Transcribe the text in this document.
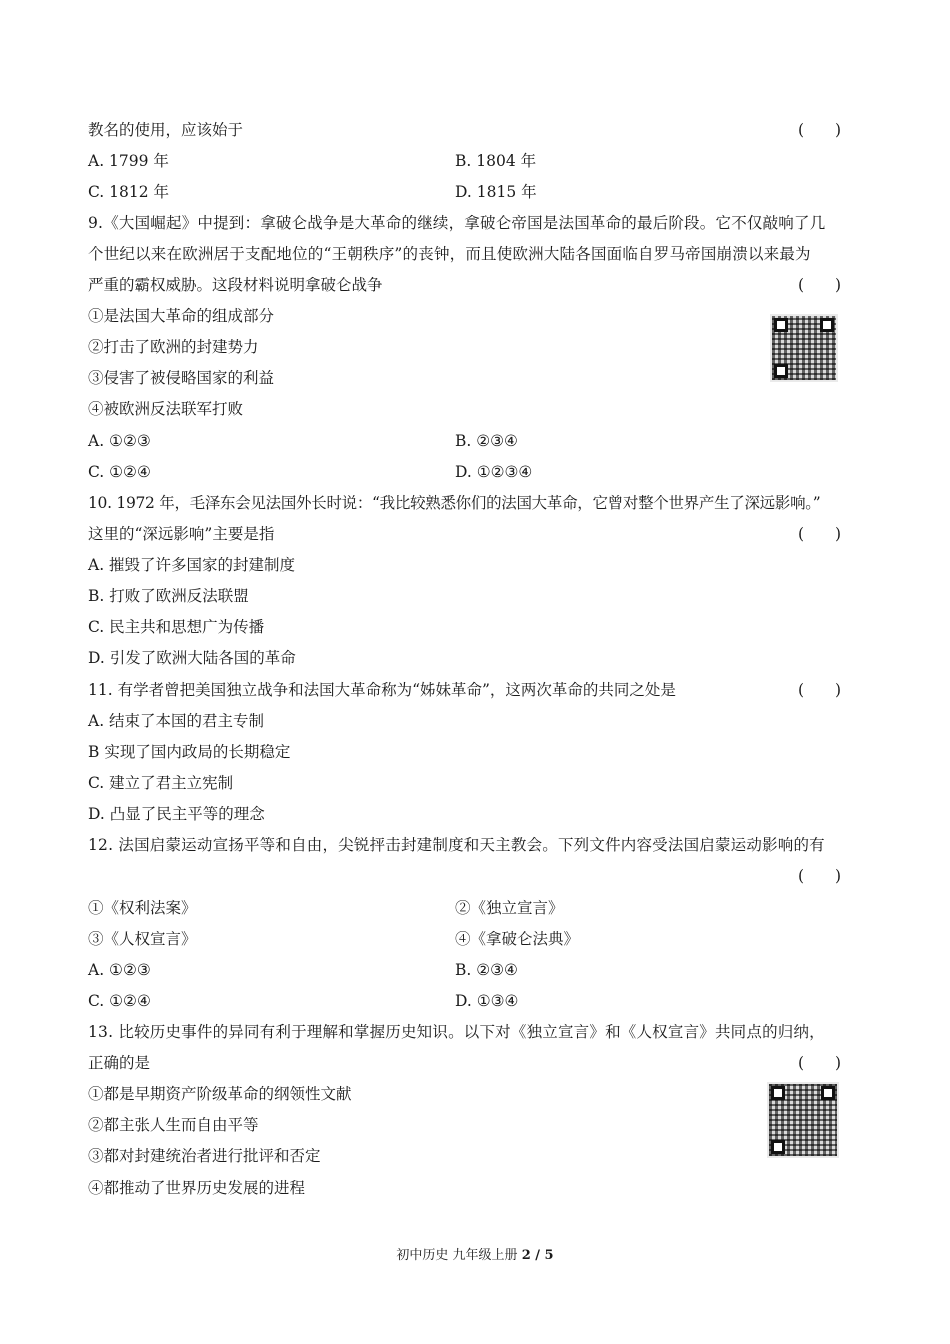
教名的使用，应该始于	(　　)
A. 1799 年	B. 1804 年
C. 1812 年	D. 1815 年
9.《大国崛起》中提到：拿破仑战争是大革命的继续，拿破仑帝国是法国革命的最后阶段。它不仅敲响了几
个世纪以来在欧洲居于支配地位的“王朝秩序”的丧钟，而且使欧洲大陆各国面临自罗马帝国崩溃以来最为
严重的霸权威胁。这段材料说明拿破仑战争	(　　)
①是法国大革命的组成部分
②打击了欧洲的封建势力
③侵害了被侵略国家的利益
④被欧洲反法联军打败
A. ①②③	B. ②③④
C. ①②④	D. ①②③④
10. 1972 年，毛泽东会见法国外长时说：“我比较熟悉你们的法国大革命，它曾对整个世界产生了深远影响。”
这里的“深远影响”主要是指	(　　)
A. 摧毁了许多国家的封建制度
B. 打败了欧洲反法联盟
C. 民主共和思想广为传播
D. 引发了欧洲大陆各国的革命
11. 有学者曾把美国独立战争和法国大革命称为“姊妹革命”，这两次革命的共同之处是	(　　)
A. 结束了本国的君主专制
B 实现了国内政局的长期稳定
C. 建立了君主立宪制
D. 凸显了民主平等的理念
12. 法国启蒙运动宣扬平等和自由，尖锐抨击封建制度和天主教会。下列文件内容受法国启蒙运动影响的有
(　　)
①《权利法案》	②《独立宣言》
③《人权宣言》	④《拿破仑法典》
A. ①②③	B. ②③④
C. ①②④	D. ①③④
13. 比较历史事件的异同有利于理解和掌握历史知识。以下对《独立宣言》和《人权宣言》共同点的归纳，
正确的是	(　　)
①都是早期资产阶级革命的纲领性文献
②都主张人生而自由平等
③都对封建统治者进行批评和否定
④都推动了世界历史发展的进程
初中历史 九年级上册 2 / 5
